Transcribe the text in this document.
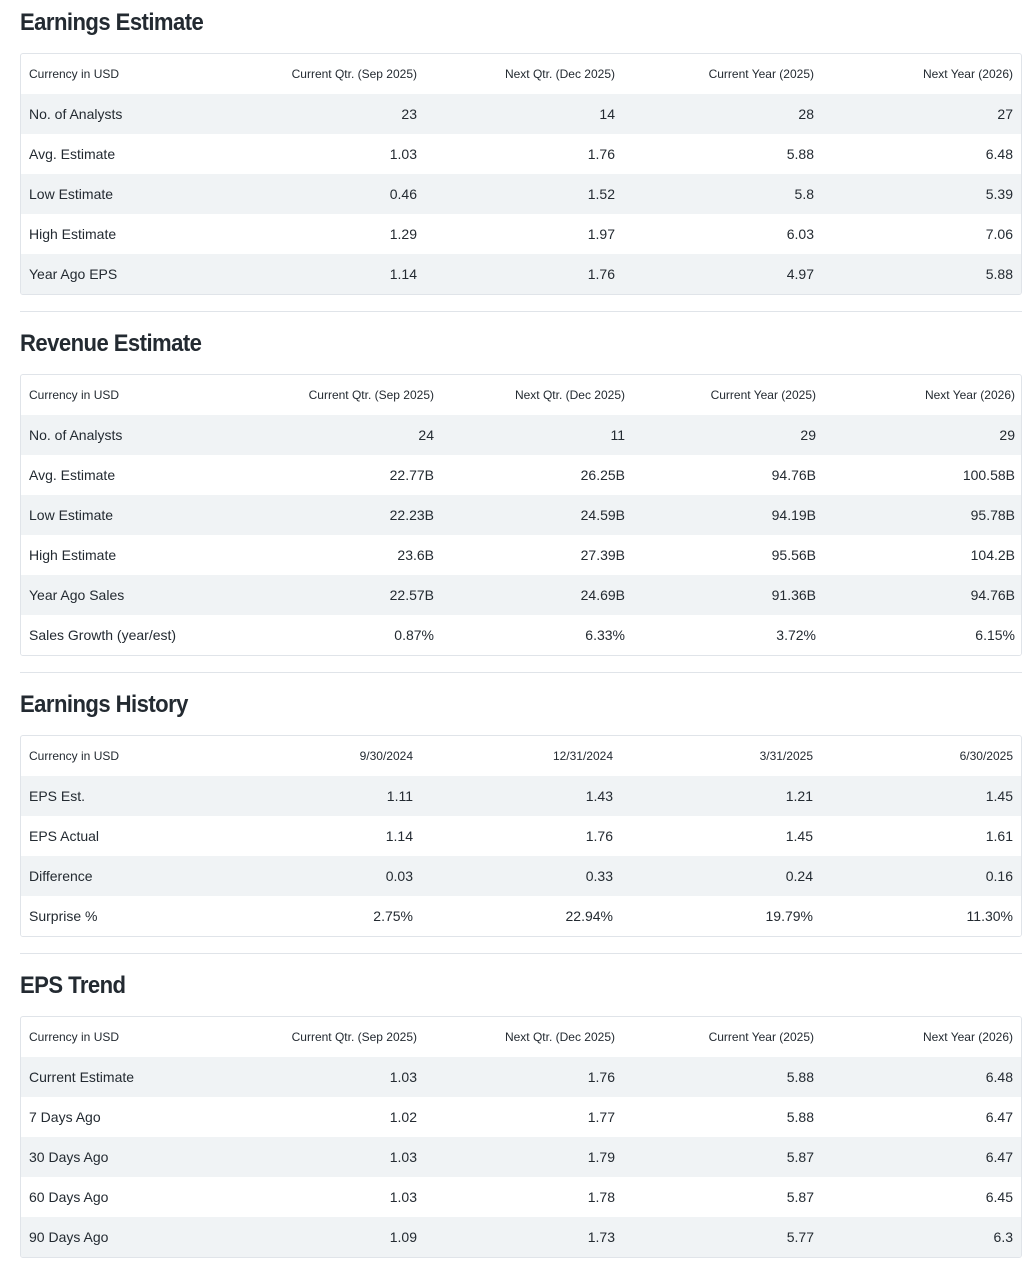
Earnings Estimate
Currency in USD	Current Qtr. (Sep 2025)	Next Qtr. (Dec 2025)	Current Year (2025)	Next Year (2026)
No. of Analysts	23	14	28	27
Avg. Estimate	1.03	1.76	5.88	6.48
Low Estimate	0.46	1.52	5.8	5.39
High Estimate	1.29	1.97	6.03	7.06
Year Ago EPS	1.14	1.76	4.97	5.88
Revenue Estimate
Currency in USD	Current Qtr. (Sep 2025)	Next Qtr. (Dec 2025)	Current Year (2025)	Next Year (2026)
No. of Analysts	24	11	29	29
Avg. Estimate	22.77B	26.25B	94.76B	100.58B
Low Estimate	22.23B	24.59B	94.19B	95.78B
High Estimate	23.6B	27.39B	95.56B	104.2B
Year Ago Sales	22.57B	24.69B	91.36B	94.76B
Sales Growth (year/est)	0.87%	6.33%	3.72%	6.15%
Earnings History
Currency in USD	9/30/2024	12/31/2024	3/31/2025	6/30/2025
EPS Est.	1.11	1.43	1.21	1.45
EPS Actual	1.14	1.76	1.45	1.61
Difference	0.03	0.33	0.24	0.16
Surprise %	2.75%	22.94%	19.79%	11.30%
EPS Trend
Currency in USD	Current Qtr. (Sep 2025)	Next Qtr. (Dec 2025)	Current Year (2025)	Next Year (2026)
Current Estimate	1.03	1.76	5.88	6.48
7 Days Ago	1.02	1.77	5.88	6.47
30 Days Ago	1.03	1.79	5.87	6.47
60 Days Ago	1.03	1.78	5.87	6.45
90 Days Ago	1.09	1.73	5.77	6.3
